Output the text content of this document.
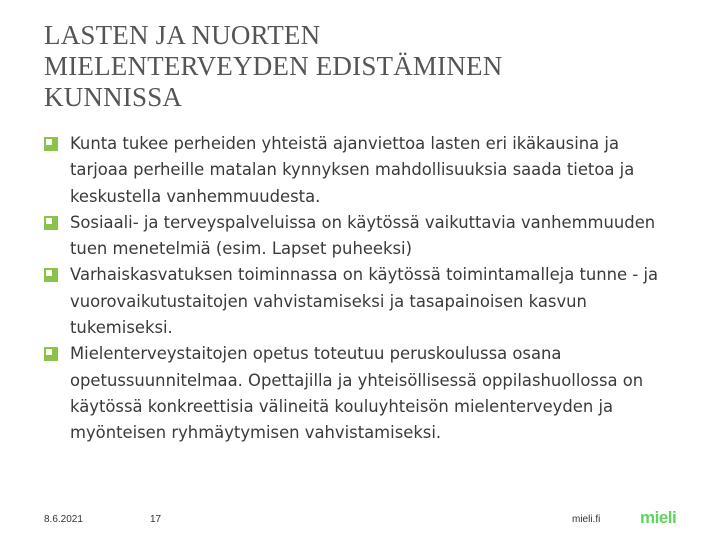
LASTEN JA NUORTEN
MIELENTERVEYDEN EDISTÄMINEN
KUNNISSA
Kunta tukee perheiden yhteistä ajanviettoa lasten eri ikäkausina ja tarjoaa perheille matalan kynnyksen mahdollisuuksia saada tietoa ja keskustella vanhemmuudesta.
Sosiaali- ja terveyspalveluissa on käytössä vaikuttavia vanhemmuuden tuen menetelmiä (esim. Lapset puheeksi)
Varhaiskasvatuksen toiminnassa on käytössä toimintamalleja tunne - ja vuorovaikutustaitojen vahvistamiseksi ja tasapainoisen kasvun tukemiseksi.
Mielenterveystaitojen opetus toteutuu peruskoulussa osana opetussuunnitelmaa. Opettajilla ja yhteisöllisessä oppilashuollossa on käytössä konkreettisia välineitä kouluyhteisön mielenterveyden ja myönteisen ryhmäytymisen vahvistamiseksi.
8.6.2021	17	mieli.fi mieli
